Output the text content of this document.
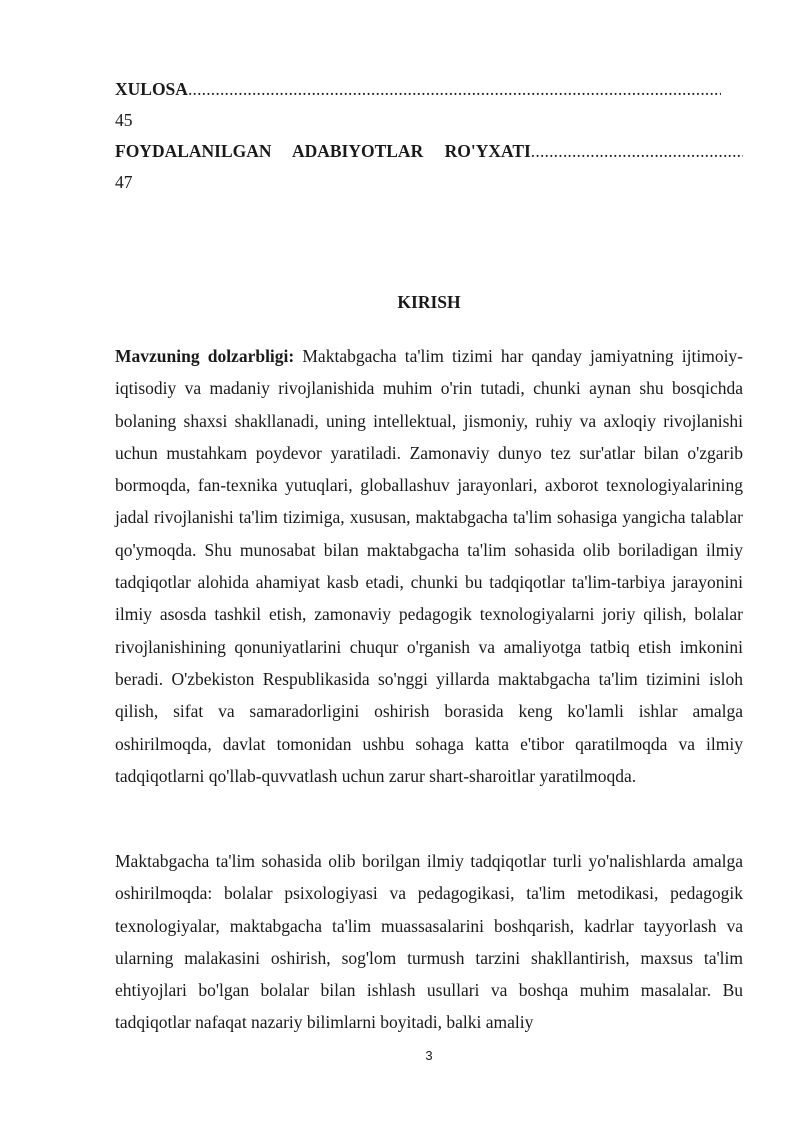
XULOSA
.....
45
FOYDALANILGAN ADABIYOTLAR RO'YXATI
.....
47
KIRISH

Mavzuning dolzarbligi: Maktabgacha ta'lim tizimi har qanday jamiyatning ijtimoiy-iqtisodiy va madaniy rivojlanishida muhim o'rin tutadi, chunki aynan shu bosqichda bolaning shaxsi shakllanadi, uning intellektual, jismoniy, ruhiy va axloqiy rivojlanishi uchun mustahkam poydevor yaratiladi. Zamonaviy dunyo tez sur'atlar bilan o'zgarib bormoqda, fan-texnika yutuqlari, globallashuv jarayonlari, axborot texnologiyalarining jadal rivojlanishi ta'lim tizimiga, xususan, maktabgacha ta'lim sohasiga yangicha talablar qo'ymoqda. Shu munosabat bilan maktabgacha ta'lim sohasida olib boriladigan ilmiy tadqiqotlar alohida ahamiyat kasb etadi, chunki bu tadqiqotlar ta'lim-tarbiya jarayonini ilmiy asosda tashkil etish, zamonaviy pedagogik texnologiyalarni joriy qilish, bolalar rivojlanishining qonuniyatlarini chuqur o'rganish va amaliyotga tatbiq etish imkonini beradi. O'zbekiston Respublikasida so'nggi yillarda maktabgacha ta'lim tizimini isloh qilish, sifat va samaradorligini oshirish borasida keng ko'lamli ishlar amalga oshirilmoqda, davlat tomonidan ushbu sohaga katta e'tibor qaratilmoqda va ilmiy tadqiqotlarni qo'llab-quvvatlash uchun zarur shart-sharoitlar yaratilmoqda.

Maktabgacha ta'lim sohasida olib borilgan ilmiy tadqiqotlar turli yo'nalishlarda amalga oshirilmoqda: bolalar psixologiyasi va pedagogikasi, ta'lim metodikasi, pedagogik texnologiyalar, maktabgacha ta'lim muassasalarini boshqarish, kadrlar tayyorlash va ularning malakasini oshirish, sog'lom turmush tarzini shakllantirish, maxsus ta'lim ehtiyojlari bo'lgan bolalar bilan ishlash usullari va boshqa muhim masalalar. Bu tadqiqotlar nafaqat nazariy bilimlarni boyitadi, balki amaliy

3
